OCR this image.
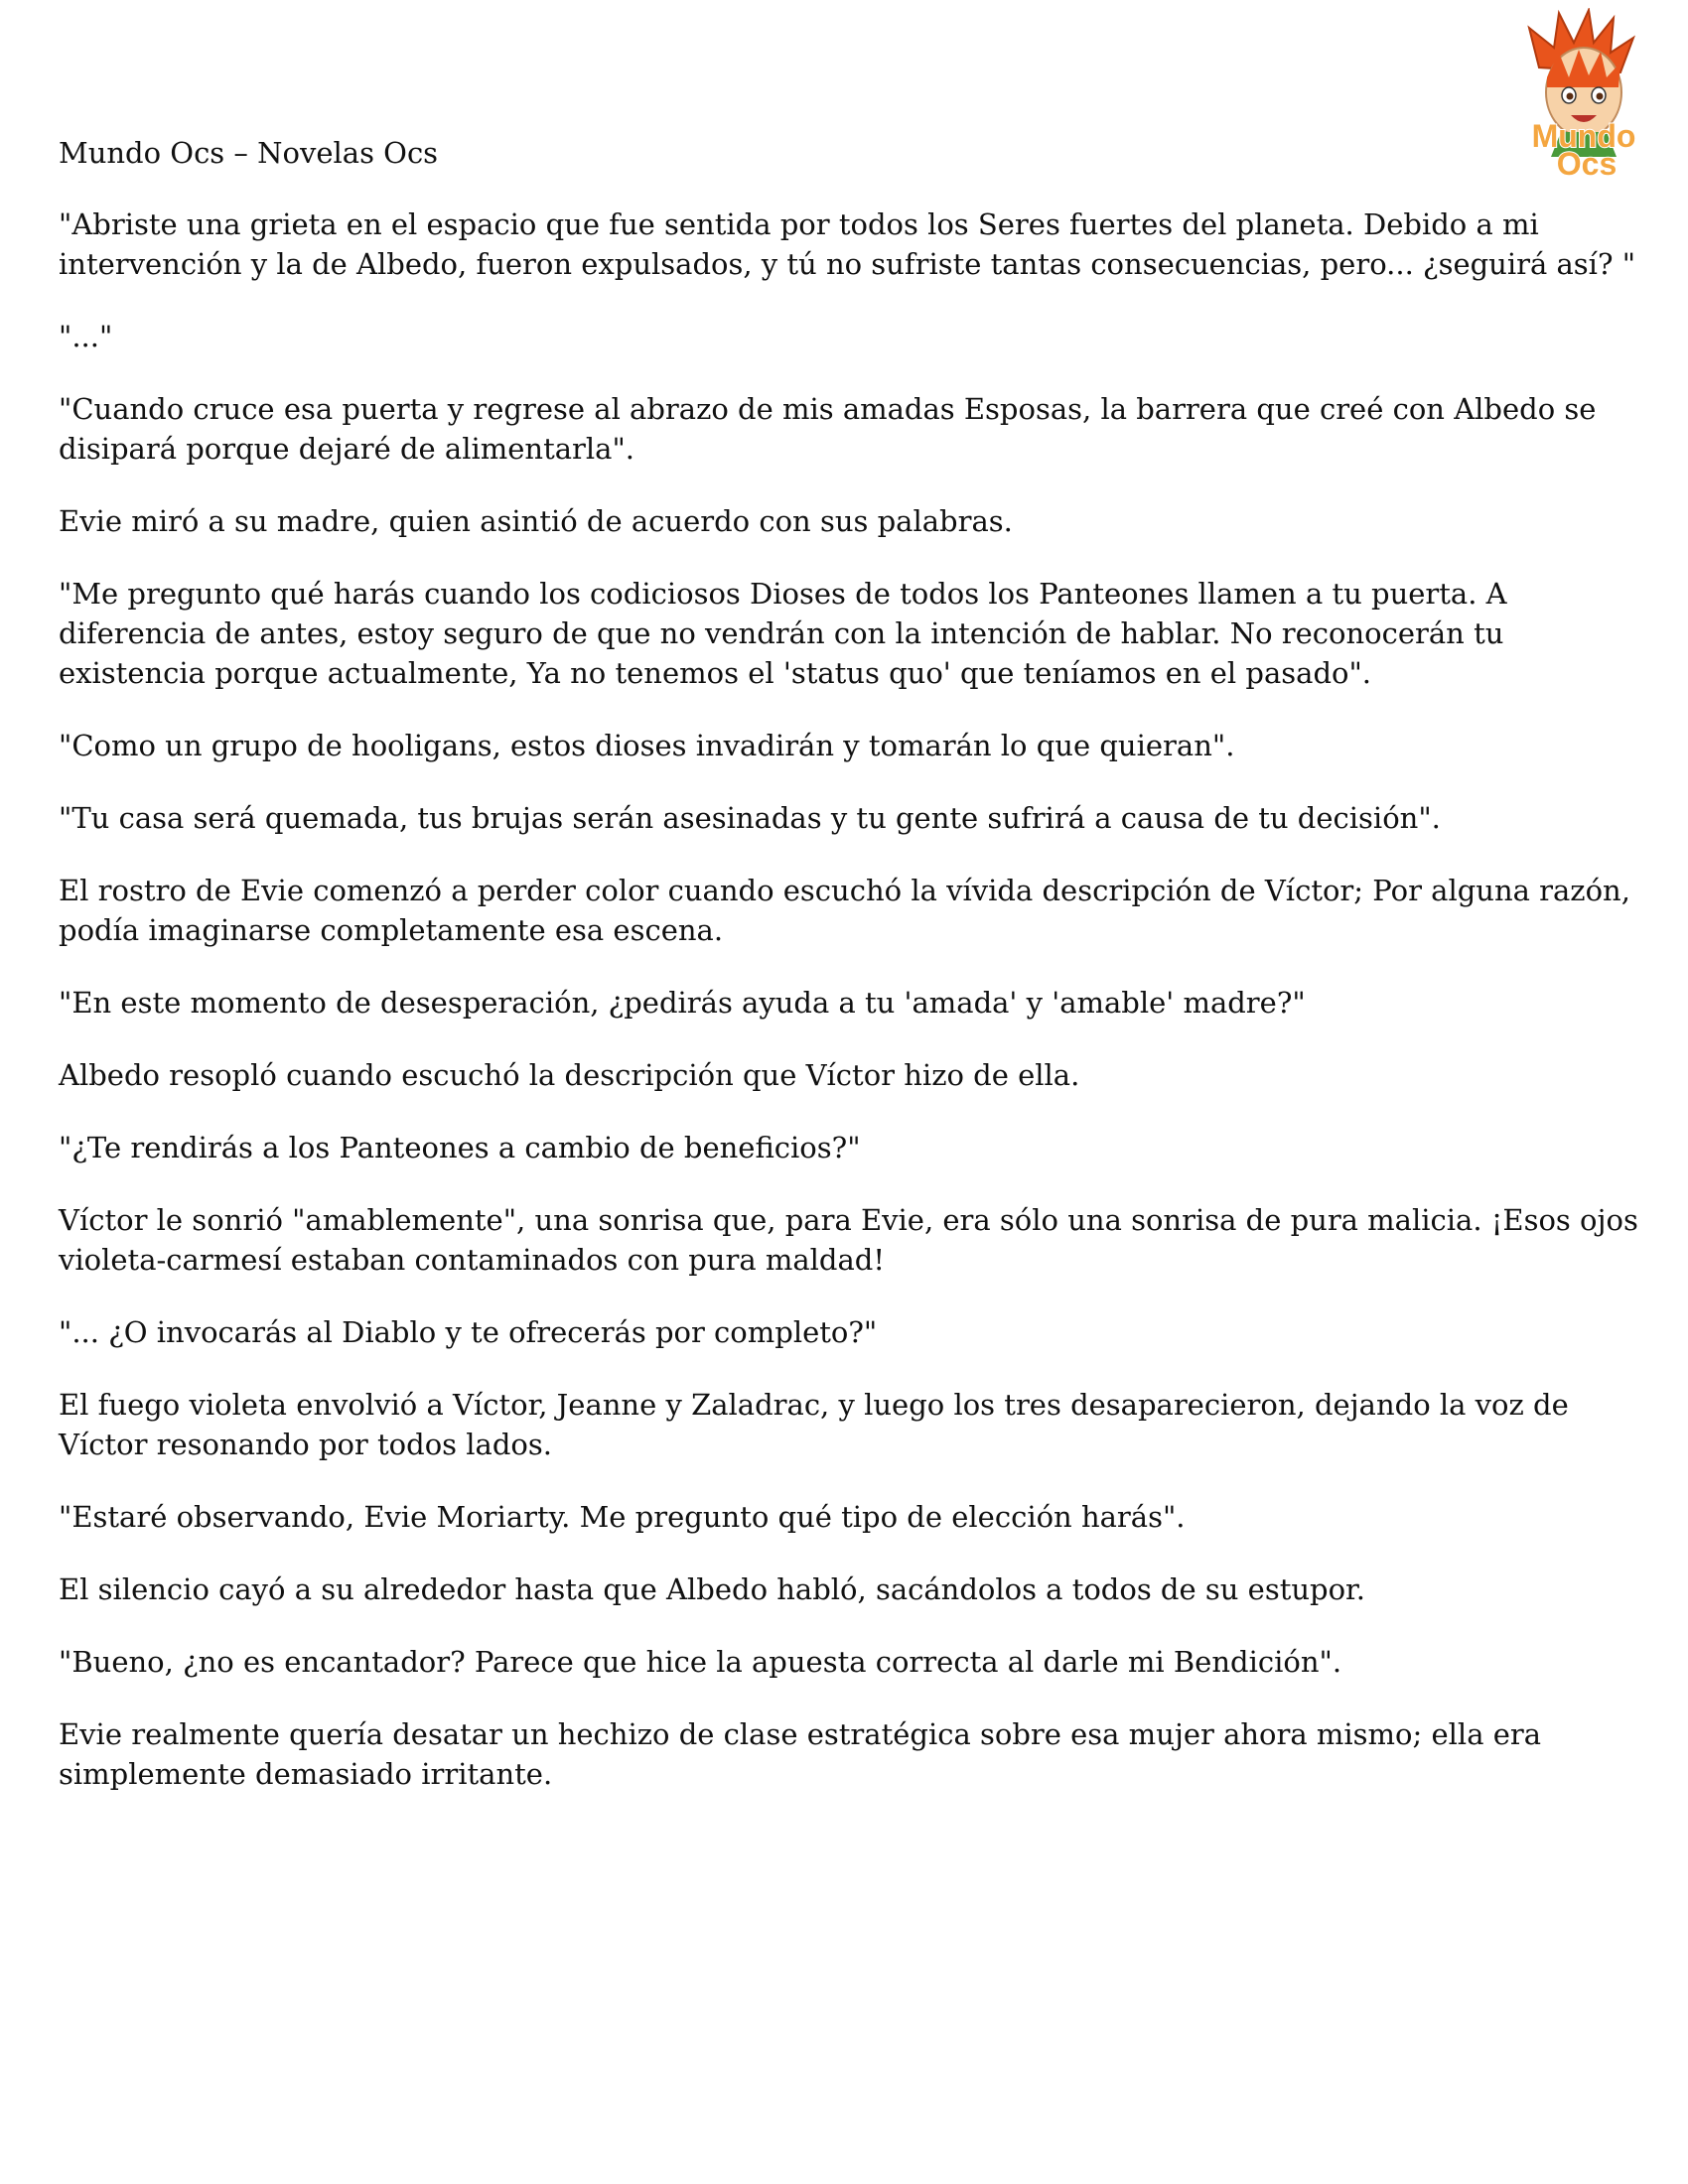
Mundo Ocs – Novelas Ocs	Mundo
Ocs

"Abriste una grieta en el espacio que fue sentida por todos los Seres fuertes del planeta. Debido a mi intervención y la de Albedo, fueron expulsados, y tú no sufriste tantas consecuencias, pero... ¿seguirá así? "

"..."

"Cuando cruce esa puerta y regrese al abrazo de mis amadas Esposas, la barrera que creé con Albedo se disipará porque dejaré de alimentarla".

Evie miró a su madre, quien asintió de acuerdo con sus palabras.

"Me pregunto qué harás cuando los codiciosos Dioses de todos los Panteones llamen a tu puerta. A diferencia de antes, estoy seguro de que no vendrán con la intención de hablar. No reconocerán tu existencia porque actualmente, Ya no tenemos el 'status quo' que teníamos en el pasado".

"Como un grupo de hooligans, estos dioses invadirán y tomarán lo que quieran".

"Tu casa será quemada, tus brujas serán asesinadas y tu gente sufrirá a causa de tu decisión".

El rostro de Evie comenzó a perder color cuando escuchó la vívida descripción de Víctor; Por alguna razón, podía imaginarse completamente esa escena.

"En este momento de desesperación, ¿pedirás ayuda a tu 'amada' y 'amable' madre?"

Albedo resopló cuando escuchó la descripción que Víctor hizo de ella.

"¿Te rendirás a los Panteones a cambio de beneficios?"

Víctor le sonrió "amablemente", una sonrisa que, para Evie, era sólo una sonrisa de pura malicia. ¡Esos ojos violeta-carmesí estaban contaminados con pura maldad!

"... ¿O invocarás al Diablo y te ofrecerás por completo?"

El fuego violeta envolvió a Víctor, Jeanne y Zaladrac, y luego los tres desaparecieron, dejando la voz de Víctor resonando por todos lados.

"Estaré observando, Evie Moriarty. Me pregunto qué tipo de elección harás".

El silencio cayó a su alrededor hasta que Albedo habló, sacándolos a todos de su estupor.

"Bueno, ¿no es encantador? Parece que hice la apuesta correcta al darle mi Bendición".

Evie realmente quería desatar un hechizo de clase estratégica sobre esa mujer ahora mismo; ella era simplemente demasiado irritante.
